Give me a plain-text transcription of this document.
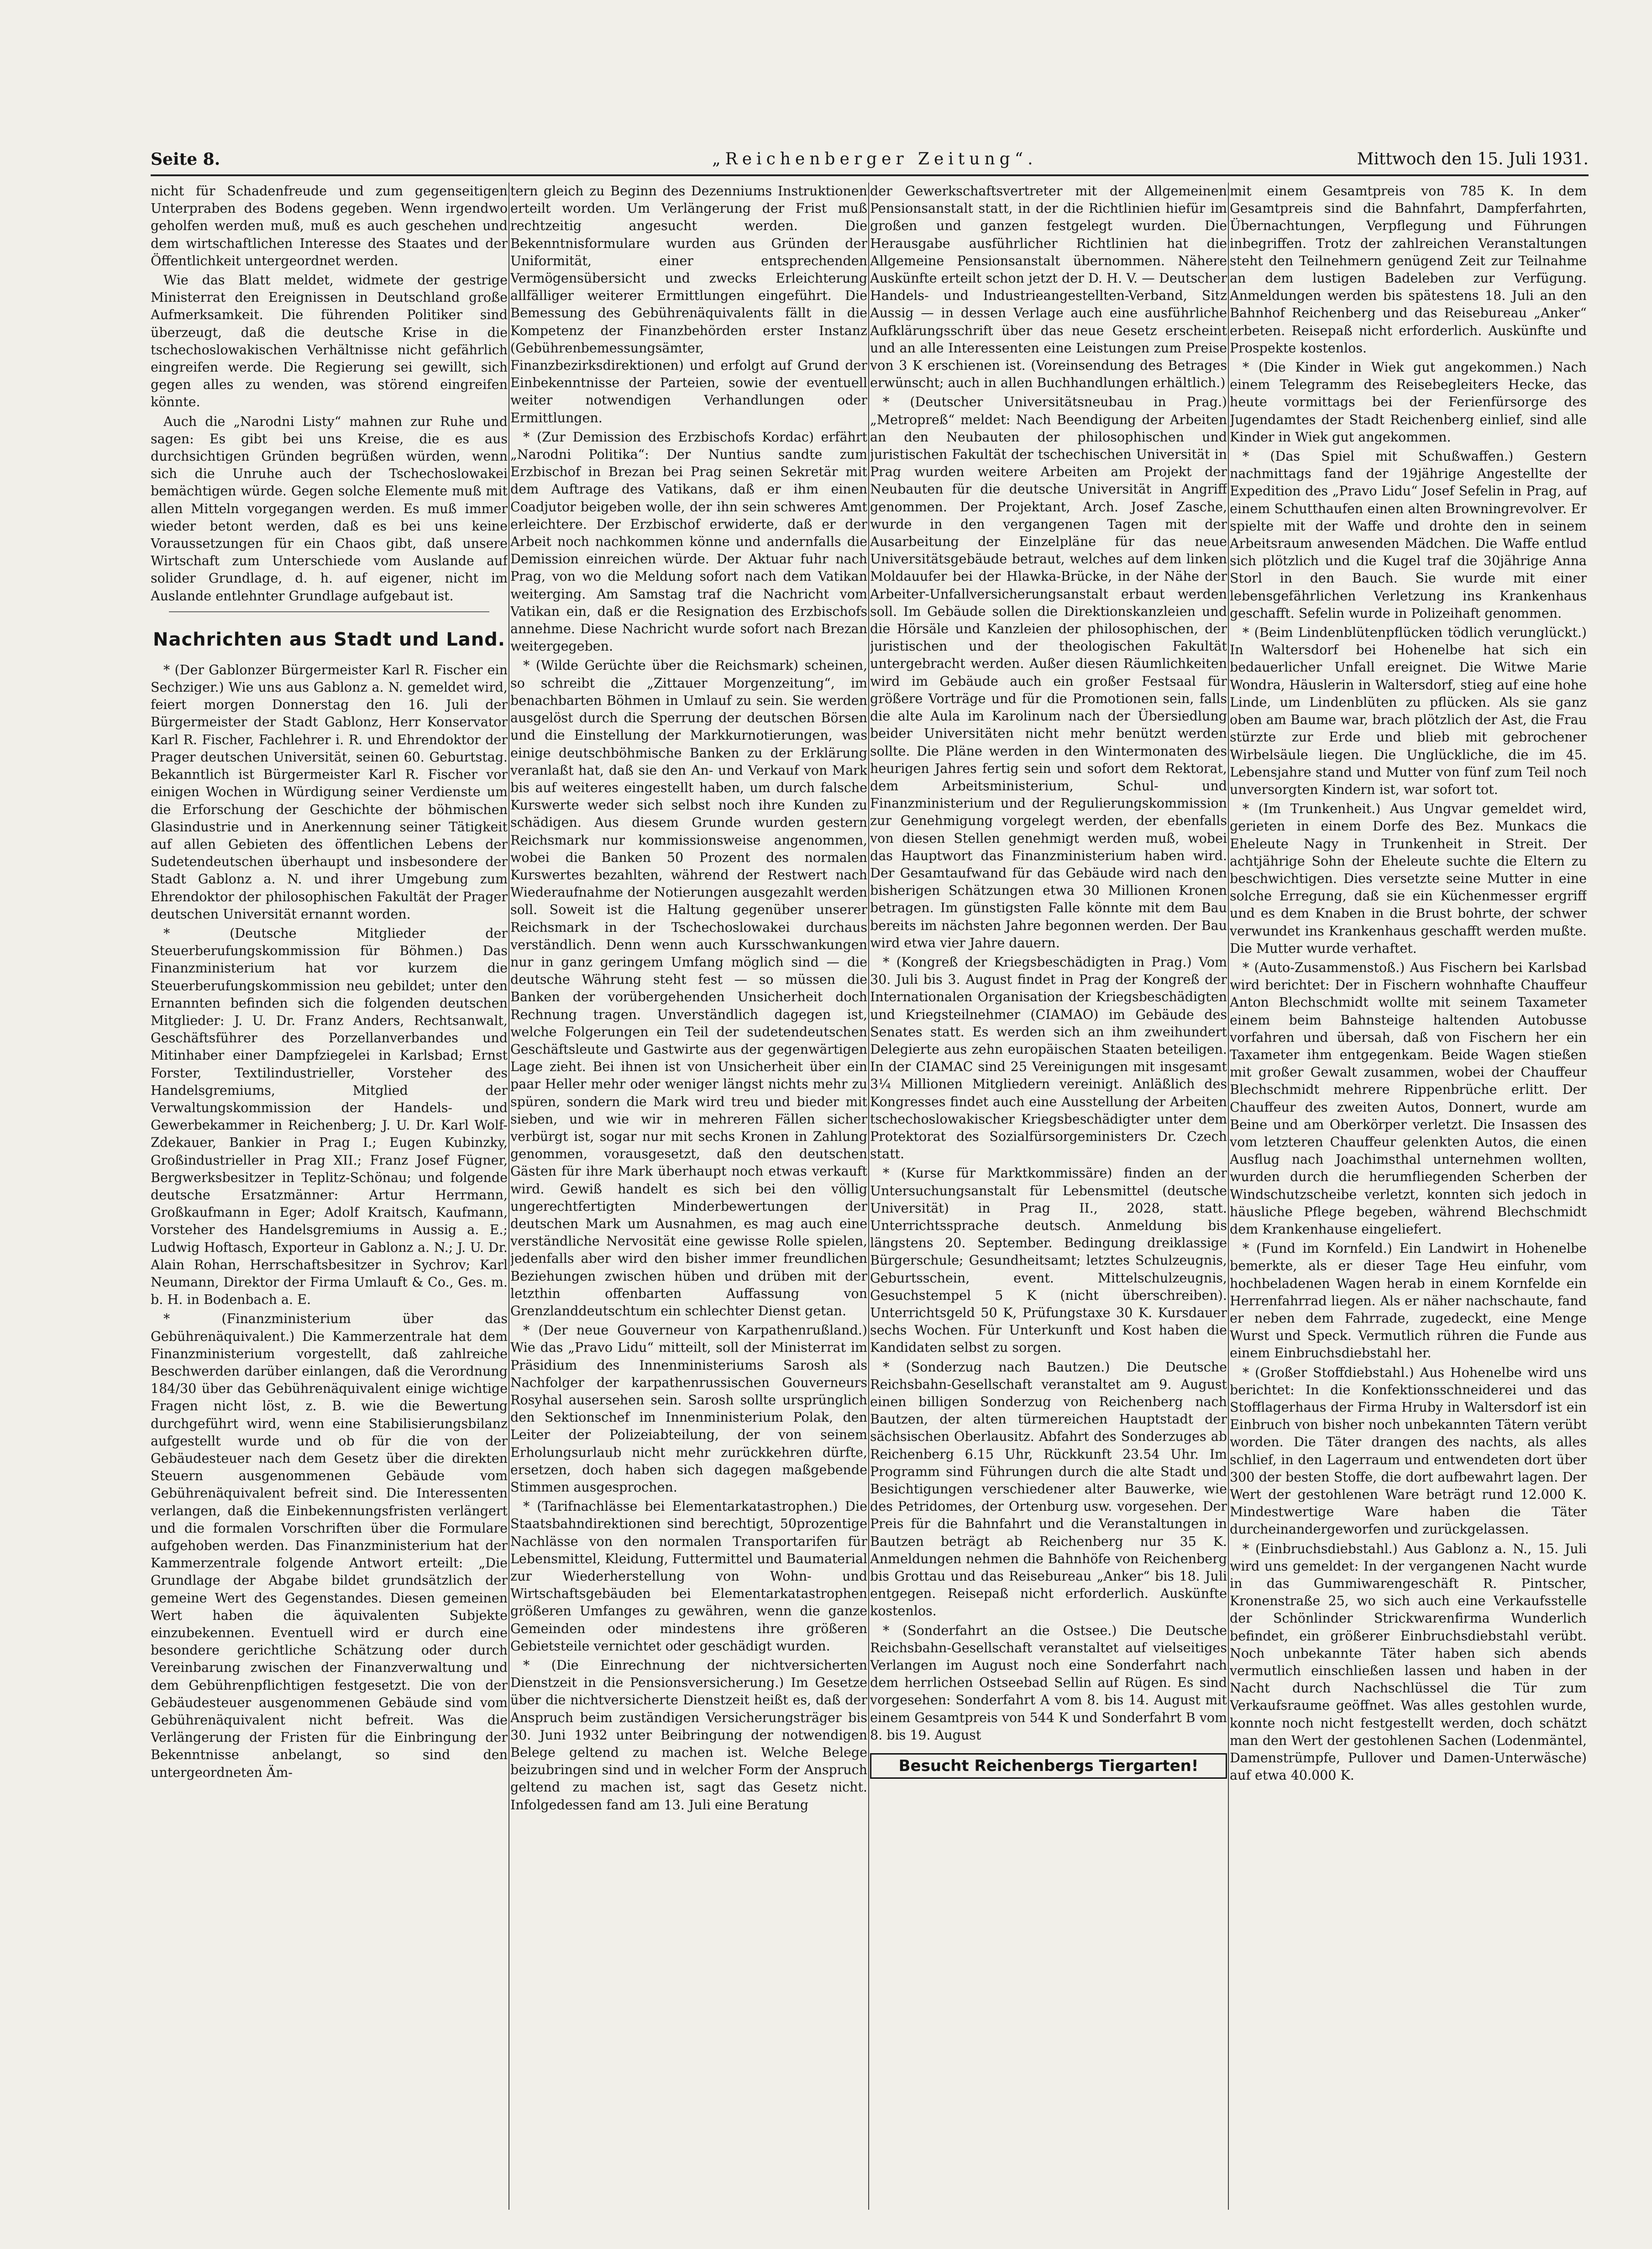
Seite 8.	„Reichenberger Zeitung“.	Mittwoch den 15. Juli 1931.

nicht für Schadenfreude und zum gegenseitigen Unterpraben des Bodens gegeben. Wenn irgendwo geholfen werden muß, muß es auch geschehen und dem wirtschaftlichen Interesse des Staates und der Öffentlichkeit untergeordnet werden.

Wie das Blatt meldet, widmete der gestrige Ministerrat den Ereignissen in Deutschland große Aufmerksamkeit. Die führenden Politiker sind überzeugt, daß die deutsche Krise in die tschechoslowakischen Verhältnisse nicht gefährlich eingreifen werde. Die Regierung sei gewillt, sich gegen alles zu wenden, was störend eingreifen könnte.

Auch die „Narodni Listy“ mahnen zur Ruhe und sagen: Es gibt bei uns Kreise, die es aus durchsichtigen Gründen begrüßen würden, wenn sich die Unruhe auch der Tschechoslowakei bemächtigen würde. Gegen solche Elemente muß mit allen Mitteln vorgegangen werden. Es muß immer wieder betont werden, daß es bei uns keine Voraussetzungen für ein Chaos gibt, daß unsere Wirtschaft zum Unterschiede vom Auslande auf solider Grundlage, d. h. auf eigener, nicht im Auslande entlehnter Grundlage aufgebaut ist.

Nachrichten aus Stadt und Land.

* (Der Gablonzer Bürgermeister Karl R. Fischer ein Sechziger.) Wie uns aus Gablonz a. N. gemeldet wird, feiert morgen Donnerstag den 16. Juli der Bürgermeister der Stadt Gablonz, Herr Konservator Karl R. Fischer, Fachlehrer i. R. und Ehrendoktor der Prager deutschen Universität, seinen 60. Geburtstag. Bekanntlich ist Bürgermeister Karl R. Fischer vor einigen Wochen in Würdigung seiner Verdienste um die Erforschung der Geschichte der böhmischen Glasindustrie und in Anerkennung seiner Tätigkeit auf allen Gebieten des öffentlichen Lebens der Sudetendeutschen überhaupt und insbesondere der Stadt Gablonz a. N. und ihrer Umgebung zum Ehrendoktor der philosophischen Fakultät der Prager deutschen Universität ernannt worden.

* (Deutsche Mitglieder der Steuerberufungskommission für Böhmen.) Das Finanzministerium hat vor kurzem die Steuerberufungskommission neu gebildet; unter den Ernannten befinden sich die folgenden deutschen Mitglieder: J. U. Dr. Franz Anders, Rechtsanwalt, Geschäftsführer des Porzellanverbandes und Mitinhaber einer Dampfziegelei in Karlsbad; Ernst Forster, Textilindustrieller, Vorsteher des Handelsgremiums, Mitglied der Verwaltungskommission der Handels- und Gewerbekammer in Reichenberg; J. U. Dr. Karl Wolf-Zdekauer, Bankier in Prag I.; Eugen Kubinzky, Großindustrieller in Prag XII.; Franz Josef Fügner, Bergwerksbesitzer in Teplitz-Schönau; und folgende deutsche Ersatzmänner: Artur Herrmann, Großkaufmann in Eger; Adolf Kraitsch, Kaufmann, Vorsteher des Handelsgremiums in Aussig a. E.; Ludwig Hoftasch, Exporteur in Gablonz a. N.; J. U. Dr. Alain Rohan, Herrschaftsbesitzer in Sychrov; Karl Neumann, Direktor der Firma Umlauft & Co., Ges. m. b. H. in Bodenbach a. E.

* (Finanzministerium über das Gebührenäquivalent.) Die Kammerzentrale hat dem Finanzministerium vorgestellt, daß zahlreiche Beschwerden darüber einlangen, daß die Verordnung 184/30 über das Gebührenäquivalent einige wichtige Fragen nicht löst, z. B. wie die Bewertung durchgeführt wird, wenn eine Stabilisierungsbilanz aufgestellt wurde und ob für die von der Gebäudesteuer nach dem Gesetz über die direkten Steuern ausgenommenen Gebäude vom Gebührenäquivalent befreit sind. Die Interessenten verlangen, daß die Einbekennungsfristen verlängert und die formalen Vorschriften über die Formulare aufgehoben werden. Das Finanzministerium hat der Kammerzentrale folgende Antwort erteilt: „Die Grundlage der Abgabe bildet grundsätzlich der gemeine Wert des Gegenstandes. Diesen gemeinen Wert haben die äquivalenten Subjekte einzubekennen. Eventuell wird er durch eine besondere gerichtliche Schätzung oder durch Vereinbarung zwischen der Finanzverwaltung und dem Gebührenpflichtigen festgesetzt. Die von der Gebäudesteuer ausgenommenen Gebäude sind vom Gebührenäquivalent nicht befreit. Was die Verlängerung der Fristen für die Einbringung der Bekenntnisse anbelangt, so sind den untergeordneten Äm-

tern gleich zu Beginn des Dezenniums Instruktionen erteilt worden. Um Verlängerung der Frist muß rechtzeitig angesucht werden. Die Bekenntnisformulare wurden aus Gründen der Uniformität, einer entsprechenden Vermögensübersicht und zwecks Erleichterung allfälliger weiterer Ermittlungen eingeführt. Die Bemessung des Gebührenäquivalents fällt in die Kompetenz der Finanzbehörden erster Instanz (Gebührenbemessungsämter, Finanzbezirksdirektionen) und erfolgt auf Grund der Einbekenntnisse der Parteien, sowie der eventuell weiter notwendigen Verhandlungen oder Ermittlungen.

* (Zur Demission des Erzbischofs Kordac) erfährt „Narodni Politika“: Der Nuntius sandte zum Erzbischof in Brezan bei Prag seinen Sekretär mit dem Auftrage des Vatikans, daß er ihm einen Coadjutor beigeben wolle, der ihn sein schweres Amt erleichtere. Der Erzbischof erwiderte, daß er der Arbeit noch nachkommen könne und andernfalls die Demission einreichen würde. Der Aktuar fuhr nach Prag, von wo die Meldung sofort nach dem Vatikan weiterging. Am Samstag traf die Nachricht vom Vatikan ein, daß er die Resignation des Erzbischofs annehme. Diese Nachricht wurde sofort nach Brezan weitergegeben.

* (Wilde Gerüchte über die Reichsmark) scheinen, so schreibt die „Zittauer Morgenzeitung“, im benachbarten Böhmen in Umlauf zu sein. Sie werden ausgelöst durch die Sperrung der deutschen Börsen und die Einstellung der Markkurnotierungen, was einige deutschböhmische Banken zu der Erklärung veranlaßt hat, daß sie den An- und Verkauf von Mark bis auf weiteres eingestellt haben, um durch falsche Kurswerte weder sich selbst noch ihre Kunden zu schädigen. Aus diesem Grunde wurden gestern Reichsmark nur kommissionsweise angenommen, wobei die Banken 50 Prozent des normalen Kurswertes bezahlten, während der Restwert nach Wiederaufnahme der Notierungen ausgezahlt werden soll. Soweit ist die Haltung gegenüber unserer Reichsmark in der Tschechoslowakei durchaus verständlich. Denn wenn auch Kursschwankungen nur in ganz geringem Umfang möglich sind — die deutsche Währung steht fest — so müssen die Banken der vorübergehenden Unsicherheit doch Rechnung tragen. Unverständlich dagegen ist, welche Folgerungen ein Teil der sudetendeutschen Geschäftsleute und Gastwirte aus der gegenwärtigen Lage zieht. Bei ihnen ist von Unsicherheit über ein paar Heller mehr oder weniger längst nichts mehr zu spüren, sondern die Mark wird treu und bieder mit sieben, und wie wir in mehreren Fällen sicher verbürgt ist, sogar nur mit sechs Kronen in Zahlung genommen, vorausgesetzt, daß den deutschen Gästen für ihre Mark überhaupt noch etwas verkauft wird. Gewiß handelt es sich bei den völlig ungerechtfertigten Minderbewertungen der deutschen Mark um Ausnahmen, es mag auch eine verständliche Nervosität eine gewisse Rolle spielen, jedenfalls aber wird den bisher immer freundlichen Beziehungen zwischen hüben und drüben mit der letzthin offenbarten Auffassung von Grenzlanddeutschtum ein schlechter Dienst getan.

* (Der neue Gouverneur von Karpathenrußland.) Wie das „Pravo Lidu“ mitteilt, soll der Ministerrat im Präsidium des Innenministeriums Sarosh als Nachfolger der karpathenrussischen Gouverneurs Rosyhal ausersehen sein. Sarosh sollte ursprünglich den Sektionschef im Innenministerium Polak, den Leiter der Polizeiabteilung, der von seinem Erholungsurlaub nicht mehr zurückkehren dürfte, ersetzen, doch haben sich dagegen maßgebende Stimmen ausgesprochen.

* (Tarifnachlässe bei Elementarkatastrophen.) Die Staatsbahndirektionen sind berechtigt, 50prozentige Nachlässe von den normalen Transportarifen für Lebensmittel, Kleidung, Futtermittel und Baumaterial zur Wiederherstellung von Wohn- und Wirtschaftsgebäuden bei Elementarkatastrophen größeren Umfanges zu gewähren, wenn die ganze Gemeinden oder mindestens ihre größeren Gebietsteile vernichtet oder geschädigt wurden.

* (Die Einrechnung der nichtversicherten Dienstzeit in die Pensionsversicherung.) Im Gesetze über die nichtversicherte Dienstzeit heißt es, daß der Anspruch beim zuständigen Versicherungsträger bis 30. Juni 1932 unter Beibringung der notwendigen Belege geltend zu machen ist. Welche Belege beizubringen sind und in welcher Form der Anspruch geltend zu machen ist, sagt das Gesetz nicht. Infolgedessen fand am 13. Juli eine Beratung

der Gewerkschaftsvertreter mit der Allgemeinen Pensionsanstalt statt, in der die Richtlinien hiefür im großen und ganzen festgelegt wurden. Die Herausgabe ausführlicher Richtlinien hat die Allgemeine Pensionsanstalt übernommen. Nähere Auskünfte erteilt schon jetzt der D. H. V. — Deutscher Handels- und Industrieangestellten-Verband, Sitz Aussig — in dessen Verlage auch eine ausführliche Aufklärungsschrift über das neue Gesetz erscheint und an alle Interessenten eine Leistungen zum Preise von 3 K erschienen ist. (Voreinsendung des Betrages erwünscht; auch in allen Buchhandlungen erhältlich.)

* (Deutscher Universitätsneubau in Prag.) „Metropreß“ meldet: Nach Beendigung der Arbeiten an den Neubauten der philosophischen und juristischen Fakultät der tschechischen Universität in Prag wurden weitere Arbeiten am Projekt der Neubauten für die deutsche Universität in Angriff genommen. Der Projektant, Arch. Josef Zasche, wurde in den vergangenen Tagen mit der Ausarbeitung der Einzelpläne für das neue Universitätsgebäude betraut, welches auf dem linken Moldauufer bei der Hlawka-Brücke, in der Nähe der Arbeiter-Unfallversicherungsanstalt erbaut werden soll. Im Gebäude sollen die Direktionskanzleien und die Hörsäle und Kanzleien der philosophischen, der juristischen und der theologischen Fakultät untergebracht werden. Außer diesen Räumlichkeiten wird im Gebäude auch ein großer Festsaal für größere Vorträge und für die Promotionen sein, falls die alte Aula im Karolinum nach der Übersiedlung beider Universitäten nicht mehr benützt werden sollte. Die Pläne werden in den Wintermonaten des heurigen Jahres fertig sein und sofort dem Rektorat, dem Arbeitsministerium, Schul- und Finanzministerium und der Regulierungskommission zur Genehmigung vorgelegt werden, der ebenfalls von diesen Stellen genehmigt werden muß, wobei das Hauptwort das Finanzministerium haben wird. Der Gesamtaufwand für das Gebäude wird nach den bisherigen Schätzungen etwa 30 Millionen Kronen betragen. Im günstigsten Falle könnte mit dem Bau bereits im nächsten Jahre begonnen werden. Der Bau wird etwa vier Jahre dauern.

* (Kongreß der Kriegsbeschädigten in Prag.) Vom 30. Juli bis 3. August findet in Prag der Kongreß der Internationalen Organisation der Kriegsbeschädigten und Kriegsteilnehmer (CIAMAO) im Gebäude des Senates statt. Es werden sich an ihm zweihundert Delegierte aus zehn europäischen Staaten beteiligen. In der CIAMAC sind 25 Vereinigungen mit insgesamt 3¼ Millionen Mitgliedern vereinigt. Anläßlich des Kongresses findet auch eine Ausstellung der Arbeiten tschechoslowakischer Kriegsbeschädigter unter dem Protektorat des Sozialfürsorgeministers Dr. Czech statt.

* (Kurse für Marktkommissäre) finden an der Untersuchungsanstalt für Lebensmittel (deutsche Universität) in Prag II., 2028, statt. Unterrichtssprache deutsch. Anmeldung bis längstens 20. September. Bedingung dreiklassige Bürgerschule; Gesundheitsamt; letztes Schulzeugnis, Geburtsschein, event. Mittelschulzeugnis, Gesuchstempel 5 K (nicht überschreiben). Unterrichtsgeld 50 K, Prüfungstaxe 30 K. Kursdauer sechs Wochen. Für Unterkunft und Kost haben die Kandidaten selbst zu sorgen.

* (Sonderzug nach Bautzen.) Die Deutsche Reichsbahn-Gesellschaft veranstaltet am 9. August einen billigen Sonderzug von Reichenberg nach Bautzen, der alten türmereichen Hauptstadt der sächsischen Oberlausitz. Abfahrt des Sonderzuges ab Reichenberg 6.15 Uhr, Rückkunft 23.54 Uhr. Im Programm sind Führungen durch die alte Stadt und Besichtigungen verschiedener alter Bauwerke, wie des Petridomes, der Ortenburg usw. vorgesehen. Der Preis für die Bahnfahrt und die Veranstaltungen in Bautzen beträgt ab Reichenberg nur 35 K. Anmeldungen nehmen die Bahnhöfe von Reichenberg bis Grottau und das Reisebureau „Anker“ bis 18. Juli entgegen. Reisepaß nicht erforderlich. Auskünfte kostenlos.

* (Sonderfahrt an die Ostsee.) Die Deutsche Reichsbahn-Gesellschaft veranstaltet auf vielseitiges Verlangen im August noch eine Sonderfahrt nach dem herrlichen Ostseebad Sellin auf Rügen. Es sind vorgesehen: Sonderfahrt A vom 8. bis 14. August mit einem Gesamtpreis von 544 K und Sonderfahrt B vom 8. bis 19. August

Besucht Reichenbergs Tiergarten!

mit einem Gesamtpreis von 785 K. In dem Gesamtpreis sind die Bahnfahrt, Dampferfahrten, Übernachtungen, Verpflegung und Führungen inbegriffen. Trotz der zahlreichen Veranstaltungen steht den Teilnehmern genügend Zeit zur Teilnahme an dem lustigen Badeleben zur Verfügung. Anmeldungen werden bis spätestens 18. Juli an den Bahnhof Reichenberg und das Reisebureau „Anker“ erbeten. Reisepaß nicht erforderlich. Auskünfte und Prospekte kostenlos.

* (Die Kinder in Wiek gut angekommen.) Nach einem Telegramm des Reisebegleiters Hecke, das heute vormittags bei der Ferienfürsorge des Jugendamtes der Stadt Reichenberg einlief, sind alle Kinder in Wiek gut angekommen.

* (Das Spiel mit Schußwaffen.) Gestern nachmittags fand der 19jährige Angestellte der Expedition des „Pravo Lidu“ Josef Sefelin in Prag, auf einem Schutthaufen einen alten Browningrevolver. Er spielte mit der Waffe und drohte den in seinem Arbeitsraum anwesenden Mädchen. Die Waffe entlud sich plötzlich und die Kugel traf die 30jährige Anna Storl in den Bauch. Sie wurde mit einer lebensgefährlichen Verletzung ins Krankenhaus geschafft. Sefelin wurde in Polizeihaft genommen.

* (Beim Lindenblütenpflücken tödlich verunglückt.) In Waltersdorf bei Hohenelbe hat sich ein bedauerlicher Unfall ereignet. Die Witwe Marie Wondra, Häuslerin in Waltersdorf, stieg auf eine hohe Linde, um Lindenblüten zu pflücken. Als sie ganz oben am Baume war, brach plötzlich der Ast, die Frau stürzte zur Erde und blieb mit gebrochener Wirbelsäule liegen. Die Unglückliche, die im 45. Lebensjahre stand und Mutter von fünf zum Teil noch unversorgten Kindern ist, war sofort tot.

* (Im Trunkenheit.) Aus Ungvar gemeldet wird, gerieten in einem Dorfe des Bez. Munkacs die Eheleute Nagy in Trunkenheit in Streit. Der achtjährige Sohn der Eheleute suchte die Eltern zu beschwichtigen. Dies versetzte seine Mutter in eine solche Erregung, daß sie ein Küchenmesser ergriff und es dem Knaben in die Brust bohrte, der schwer verwundet ins Krankenhaus geschafft werden mußte. Die Mutter wurde verhaftet.

* (Auto-Zusammenstoß.) Aus Fischern bei Karlsbad wird berichtet: Der in Fischern wohnhafte Chauffeur Anton Blechschmidt wollte mit seinem Taxameter einem beim Bahnsteige haltenden Autobusse vorfahren und übersah, daß von Fischern her ein Taxameter ihm entgegenkam. Beide Wagen stießen mit großer Gewalt zusammen, wobei der Chauffeur Blechschmidt mehrere Rippenbrüche erlitt. Der Chauffeur des zweiten Autos, Donnert, wurde am Beine und am Oberkörper verletzt. Die Insassen des vom letzteren Chauffeur gelenkten Autos, die einen Ausflug nach Joachimsthal unternehmen wollten, wurden durch die herumfliegenden Scherben der Windschutzscheibe verletzt, konnten sich jedoch in häusliche Pflege begeben, während Blechschmidt dem Krankenhause eingeliefert.

* (Fund im Kornfeld.) Ein Landwirt in Hohenelbe bemerkte, als er dieser Tage Heu einfuhr, vom hochbeladenen Wagen herab in einem Kornfelde ein Herrenfahrrad liegen. Als er näher nachschaute, fand er neben dem Fahrrade, zugedeckt, eine Menge Wurst und Speck. Vermutlich rühren die Funde aus einem Einbruchsdiebstahl her.

* (Großer Stoffdiebstahl.) Aus Hohenelbe wird uns berichtet: In die Konfektionsschneiderei und das Stofflagerhaus der Firma Hruby in Waltersdorf ist ein Einbruch von bisher noch unbekannten Tätern verübt worden. Die Täter drangen des nachts, als alles schlief, in den Lagerraum und entwendeten dort über 300 der besten Stoffe, die dort aufbewahrt lagen. Der Wert der gestohlenen Ware beträgt rund 12.000 K. Mindestwertige Ware haben die Täter durcheinandergeworfen und zurückgelassen.

* (Einbruchsdiebstahl.) Aus Gablonz a. N., 15. Juli wird uns gemeldet: In der vergangenen Nacht wurde in das Gummiwarengeschäft R. Pintscher, Kronenstraße 25, wo sich auch eine Verkaufsstelle der Schönlinder Strickwarenfirma Wunderlich befindet, ein größerer Einbruchsdiebstahl verübt. Noch unbekannte Täter haben sich abends vermutlich einschließen lassen und haben in der Nacht durch Nachschlüssel die Tür zum Verkaufsraume geöffnet. Was alles gestohlen wurde, konnte noch nicht festgestellt werden, doch schätzt man den Wert der gestohlenen Sachen (Lodenmäntel, Damenstrümpfe, Pullover und Damen-Unterwäsche) auf etwa 40.000 K.
